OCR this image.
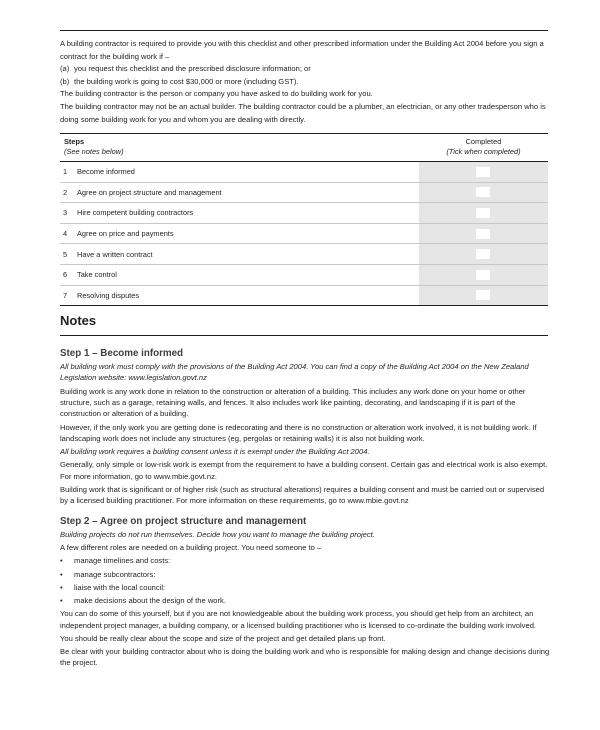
A building contractor is required to provide you with this checklist and other prescribed information under the Building Act 2004 before you sign a contract for the building work if –

(a) you request this checklist and the prescribed disclosure information; or
(b) the building work is going to cost $30,000 or more (including GST).

The building contractor is the person or company you have asked to do building work for you.

The building contractor may not be an actual builder. The building contractor could be a plumber, an electrician, or any other tradesperson who is doing some building work for you and whom you are dealing with directly.

Steps
(See notes below)	Completed
(Tick when completed)
1 Become informed	
2 Agree on project structure and management	
3 Hire competent building contractors	
4 Agree on price and payments	
5 Have a written contract	
6 Take control	
7 Resolving disputes	
Notes
Step 1 – Become informed

All building work must comply with the provisions of the Building Act 2004. You can find a copy of the Building Act 2004 on the New Zealand Legislation website: www.legislation.govt.nz

Building work is any work done in relation to the construction or alteration of a building. This includes any work done on your home or other structure, such as a garage, retaining walls, and fences. It also includes work like painting, decorating, and landscaping if it is part of the construction or alteration of a building.

However, if the only work you are getting done is redecorating and there is no construction or alteration work involved, it is not building work. If landscaping work does not include any structures (eg, pergolas or retaining walls) it is also not building work.

All building work requires a building consent unless it is exempt under the Building Act 2004.

Generally, only simple or low-risk work is exempt from the requirement to have a building consent. Certain gas and electrical work is also exempt. For more information, go to www.mbie.govt.nz.

Building work that is significant or of higher risk (such as structural alterations) requires a building consent and must be carried out or supervised by a licensed building practitioner. For more information on these requirements, go to www.mbie.govt.nz

Step 2 – Agree on project structure and management

Building projects do not run themselves. Decide how you want to manage the building project.

A few different roles are needed on a building project. You need someone to –

•	manage timelines and costs:
•	manage subcontractors:
•	liaise with the local council:
•	make decisions about the design of the work.

You can do some of this yourself, but if you are not knowledgeable about the building work process, you should get help from an architect, an independent project manager, a building company, or a licensed building practitioner who is licensed to co-ordinate the building work involved.

You should be really clear about the scope and size of the project and get detailed plans up front.

Be clear with your building contractor about who is doing the building work and who is responsible for making design and change decisions during the project.
